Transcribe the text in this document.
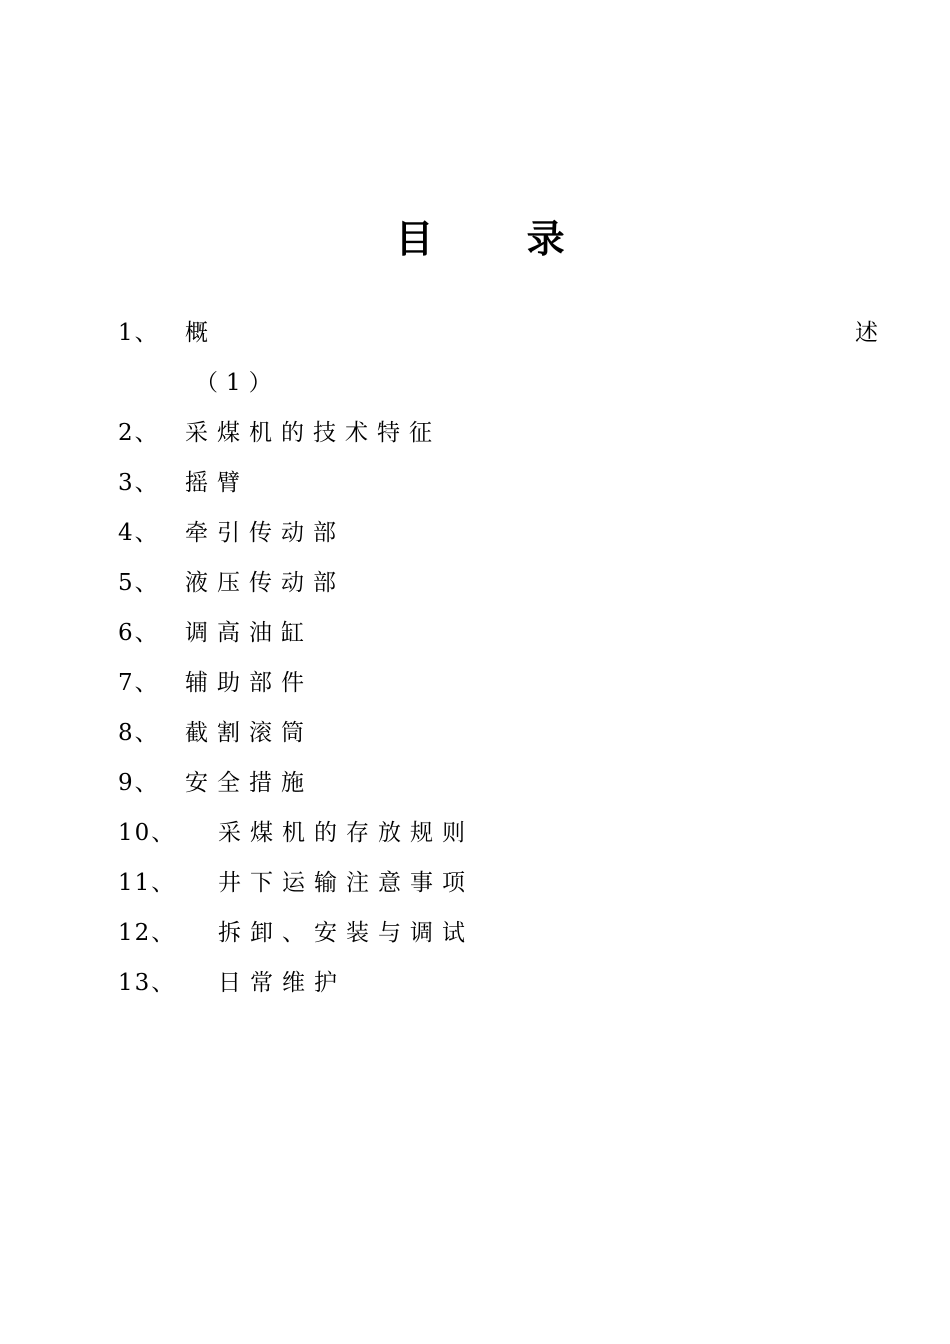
目 录
1、 概	述
（1）
2、 采煤机的技术特征
3、 摇臂
4、 牵引传动部
5、 液压传动部
6、 调高油缸
7、 辅助部件
8、 截割滚筒
9、 安全措施
10、 采煤机的存放规则
11、 井下运输注意事项
12、 拆卸、安装与调试
13、 日常维护
